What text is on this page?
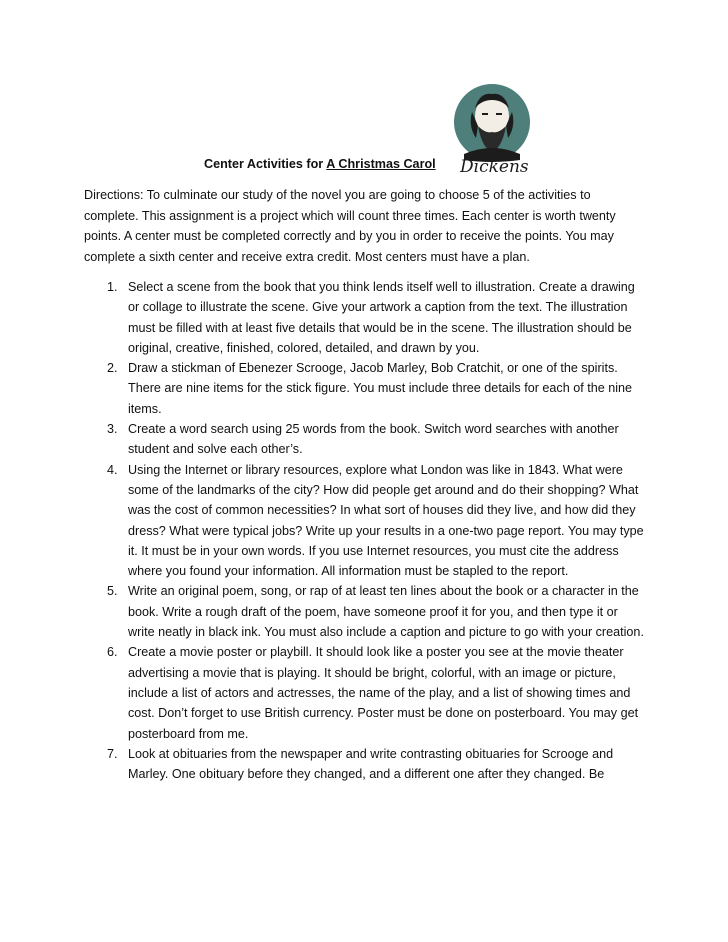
Dickens
Center Activities for A Christmas Carol
Directions: To culminate our study of the novel you are going to choose 5 of the activities to complete. This assignment is a project which will count three times. Each center is worth twenty points. A center must be completed correctly and by you in order to receive the points. You may complete a sixth center and receive extra credit. Most centers must have a plan.
1. Select a scene from the book that you think lends itself well to illustration. Create a drawing or collage to illustrate the scene. Give your artwork a caption from the text. The illustration must be filled with at least five details that would be in the scene. The illustration should be original, creative, finished, colored, detailed, and drawn by you.
2. Draw a stickman of Ebenezer Scrooge, Jacob Marley, Bob Cratchit, or one of the spirits. There are nine items for the stick figure. You must include three details for each of the nine items.
3. Create a word search using 25 words from the book. Switch word searches with another student and solve each other’s.
4. Using the Internet or library resources, explore what London was like in 1843. What were some of the landmarks of the city? How did people get around and do their shopping? What was the cost of common necessities? In what sort of houses did they live, and how did they dress? What were typical jobs? Write up your results in a one-two page report. You may type it. It must be in your own words. If you use Internet resources, you must cite the address where you found your information. All information must be stapled to the report.
5. Write an original poem, song, or rap of at least ten lines about the book or a character in the book. Write a rough draft of the poem, have someone proof it for you, and then type it or write neatly in black ink. You must also include a caption and picture to go with your creation.
6. Create a movie poster or playbill. It should look like a poster you see at the movie theater advertising a movie that is playing. It should be bright, colorful, with an image or picture, include a list of actors and actresses, the name of the play, and a list of showing times and cost. Don’t forget to use British currency. Poster must be done on posterboard. You may get posterboard from me.
7. Look at obituaries from the newspaper and write contrasting obituaries for Scrooge and Marley. One obituary before they changed, and a different one after they changed. Be
